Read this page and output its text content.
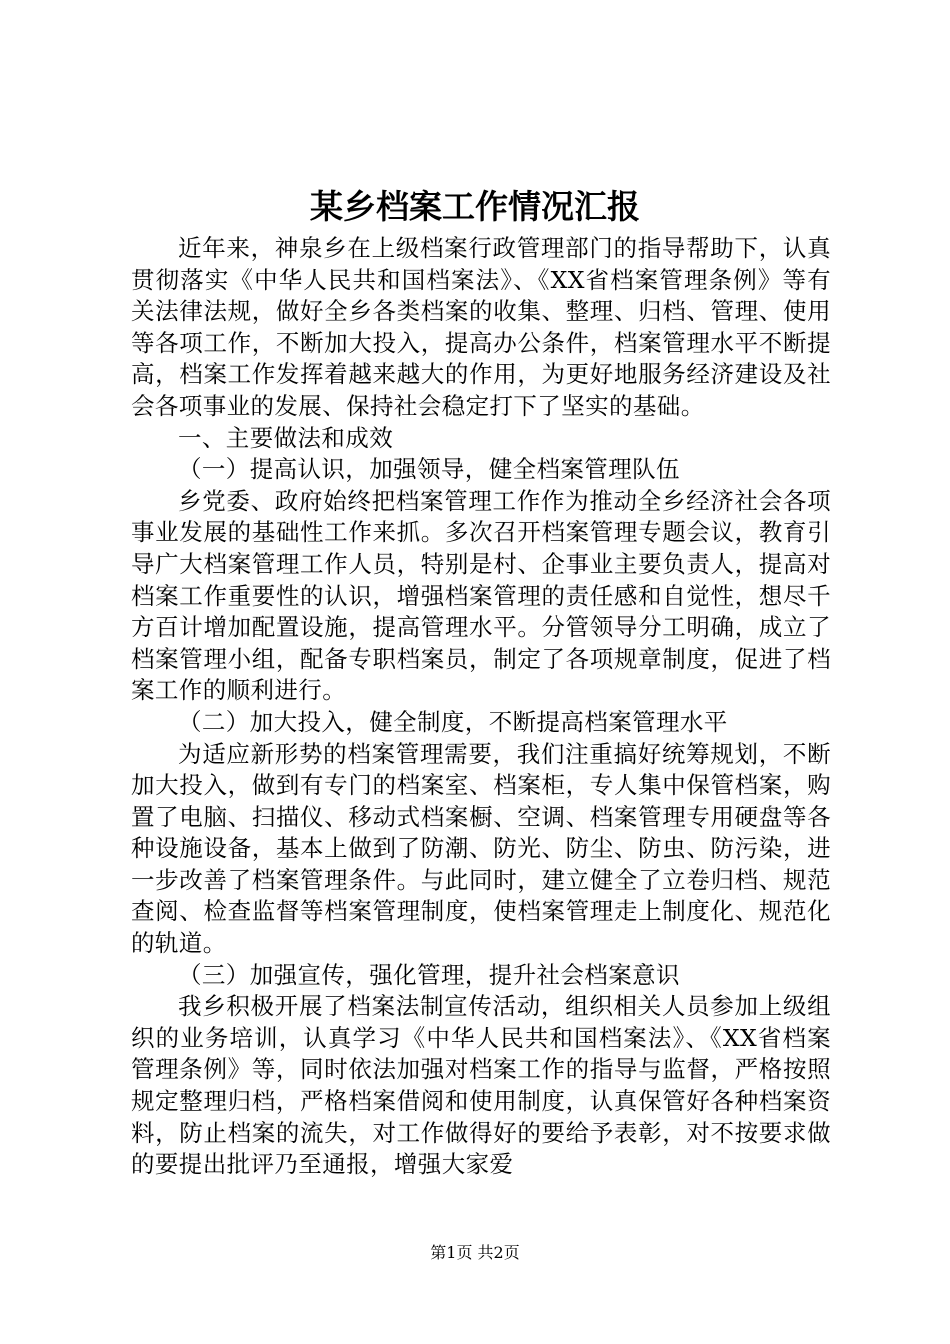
某乡档案工作情况汇报

近年来，神泉乡在上级档案行政管理部门的指导帮助下，认真贯彻落实《中华人民共和国档案法》、《XX省档案管理条例》等有关法律法规，做好全乡各类档案的收集、整理、归档、管理、使用等各项工作，不断加大投入，提高办公条件，档案管理水平不断提高，档案工作发挥着越来越大的作用，为更好地服务经济建设及社会各项事业的发展、保持社会稳定打下了坚实的基础。

一、主要做法和成效

（一）提高认识，加强领导，健全档案管理队伍

乡党委、政府始终把档案管理工作作为推动全乡经济社会各项事业发展的基础性工作来抓。多次召开档案管理专题会议，教育引导广大档案管理工作人员，特别是村、企事业主要负责人，提高对档案工作重要性的认识，增强档案管理的责任感和自觉性，想尽千方百计增加配置设施，提高管理水平。分管领导分工明确，成立了档案管理小组，配备专职档案员，制定了各项规章制度，促进了档案工作的顺利进行。

（二）加大投入，健全制度，不断提高档案管理水平

为适应新形势的档案管理需要，我们注重搞好统筹规划，不断加大投入，做到有专门的档案室、档案柜，专人集中保管档案，购置了电脑、扫描仪、移动式档案橱、空调、档案管理专用硬盘等各种设施设备，基本上做到了防潮、防光、防尘、防虫、防污染，进一步改善了档案管理条件。与此同时，建立健全了立卷归档、规范查阅、检查监督等档案管理制度，使档案管理走上制度化、规范化的轨道。

（三）加强宣传，强化管理，提升社会档案意识

我乡积极开展了档案法制宣传活动，组织相关人员参加上级组织的业务培训，认真学习《中华人民共和国档案法》、《XX省档案管理条例》等，同时依法加强对档案工作的指导与监督，严格按照规定整理归档，严格档案借阅和使用制度，认真保管好各种档案资料，防止档案的流失，对工作做得好的要给予表彰，对不按要求做的要提出批评乃至通报，增强大家爱

第1页 共2页
